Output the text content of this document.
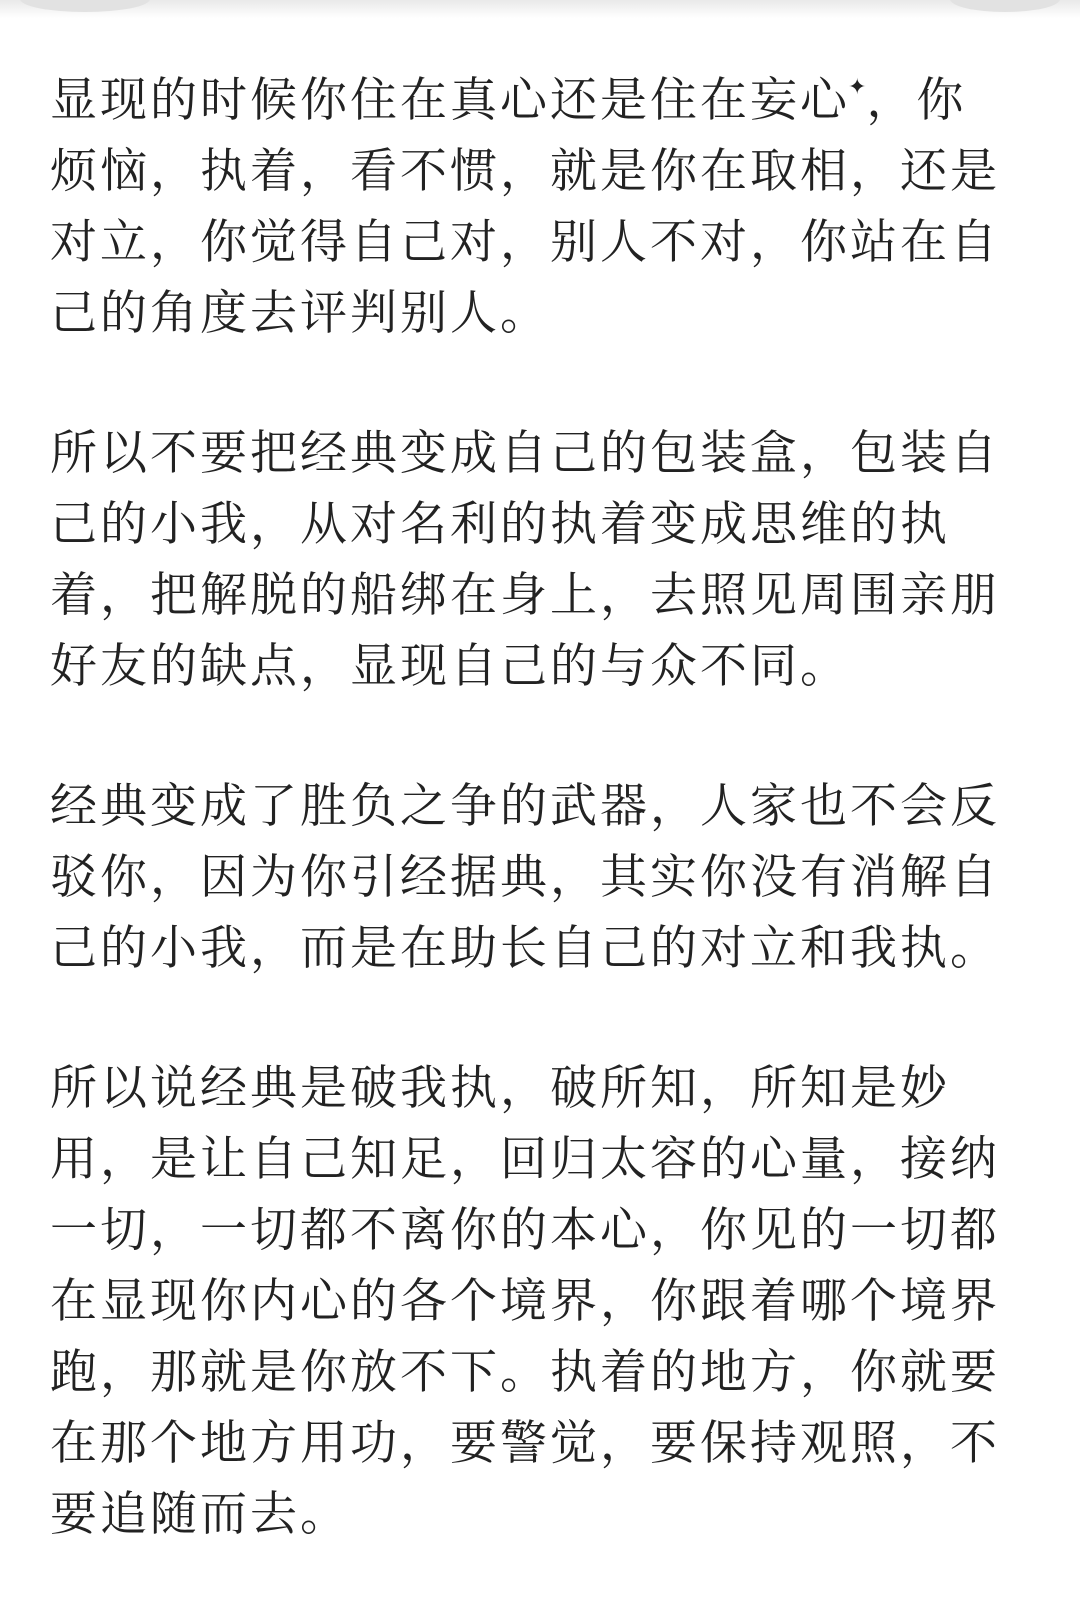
显现的时候你住在真心还是住在妄心✦，你
烦恼，执着，看不惯，就是你在取相，还是
对立，你觉得自己对，别人不对，你站在自
己的角度去评判别人。
所以不要把经典变成自己的包装盒，包装自
己的小我，从对名利的执着变成思维的执
着，把解脱的船绑在身上，去照见周围亲朋
好友的缺点，显现自己的与众不同。
经典变成了胜负之争的武器，人家也不会反
驳你，因为你引经据典，其实你没有消解自
己的小我，而是在助长自己的对立和我执。
所以说经典是破我执，破所知，所知是妙
用，是让自己知足，回归太容的心量，接纳
一切，一切都不离你的本心，你见的一切都
在显现你内心的各个境界，你跟着哪个境界
跑，那就是你放不下。执着的地方，你就要
在那个地方用功，要警觉，要保持观照，不
要追随而去。
